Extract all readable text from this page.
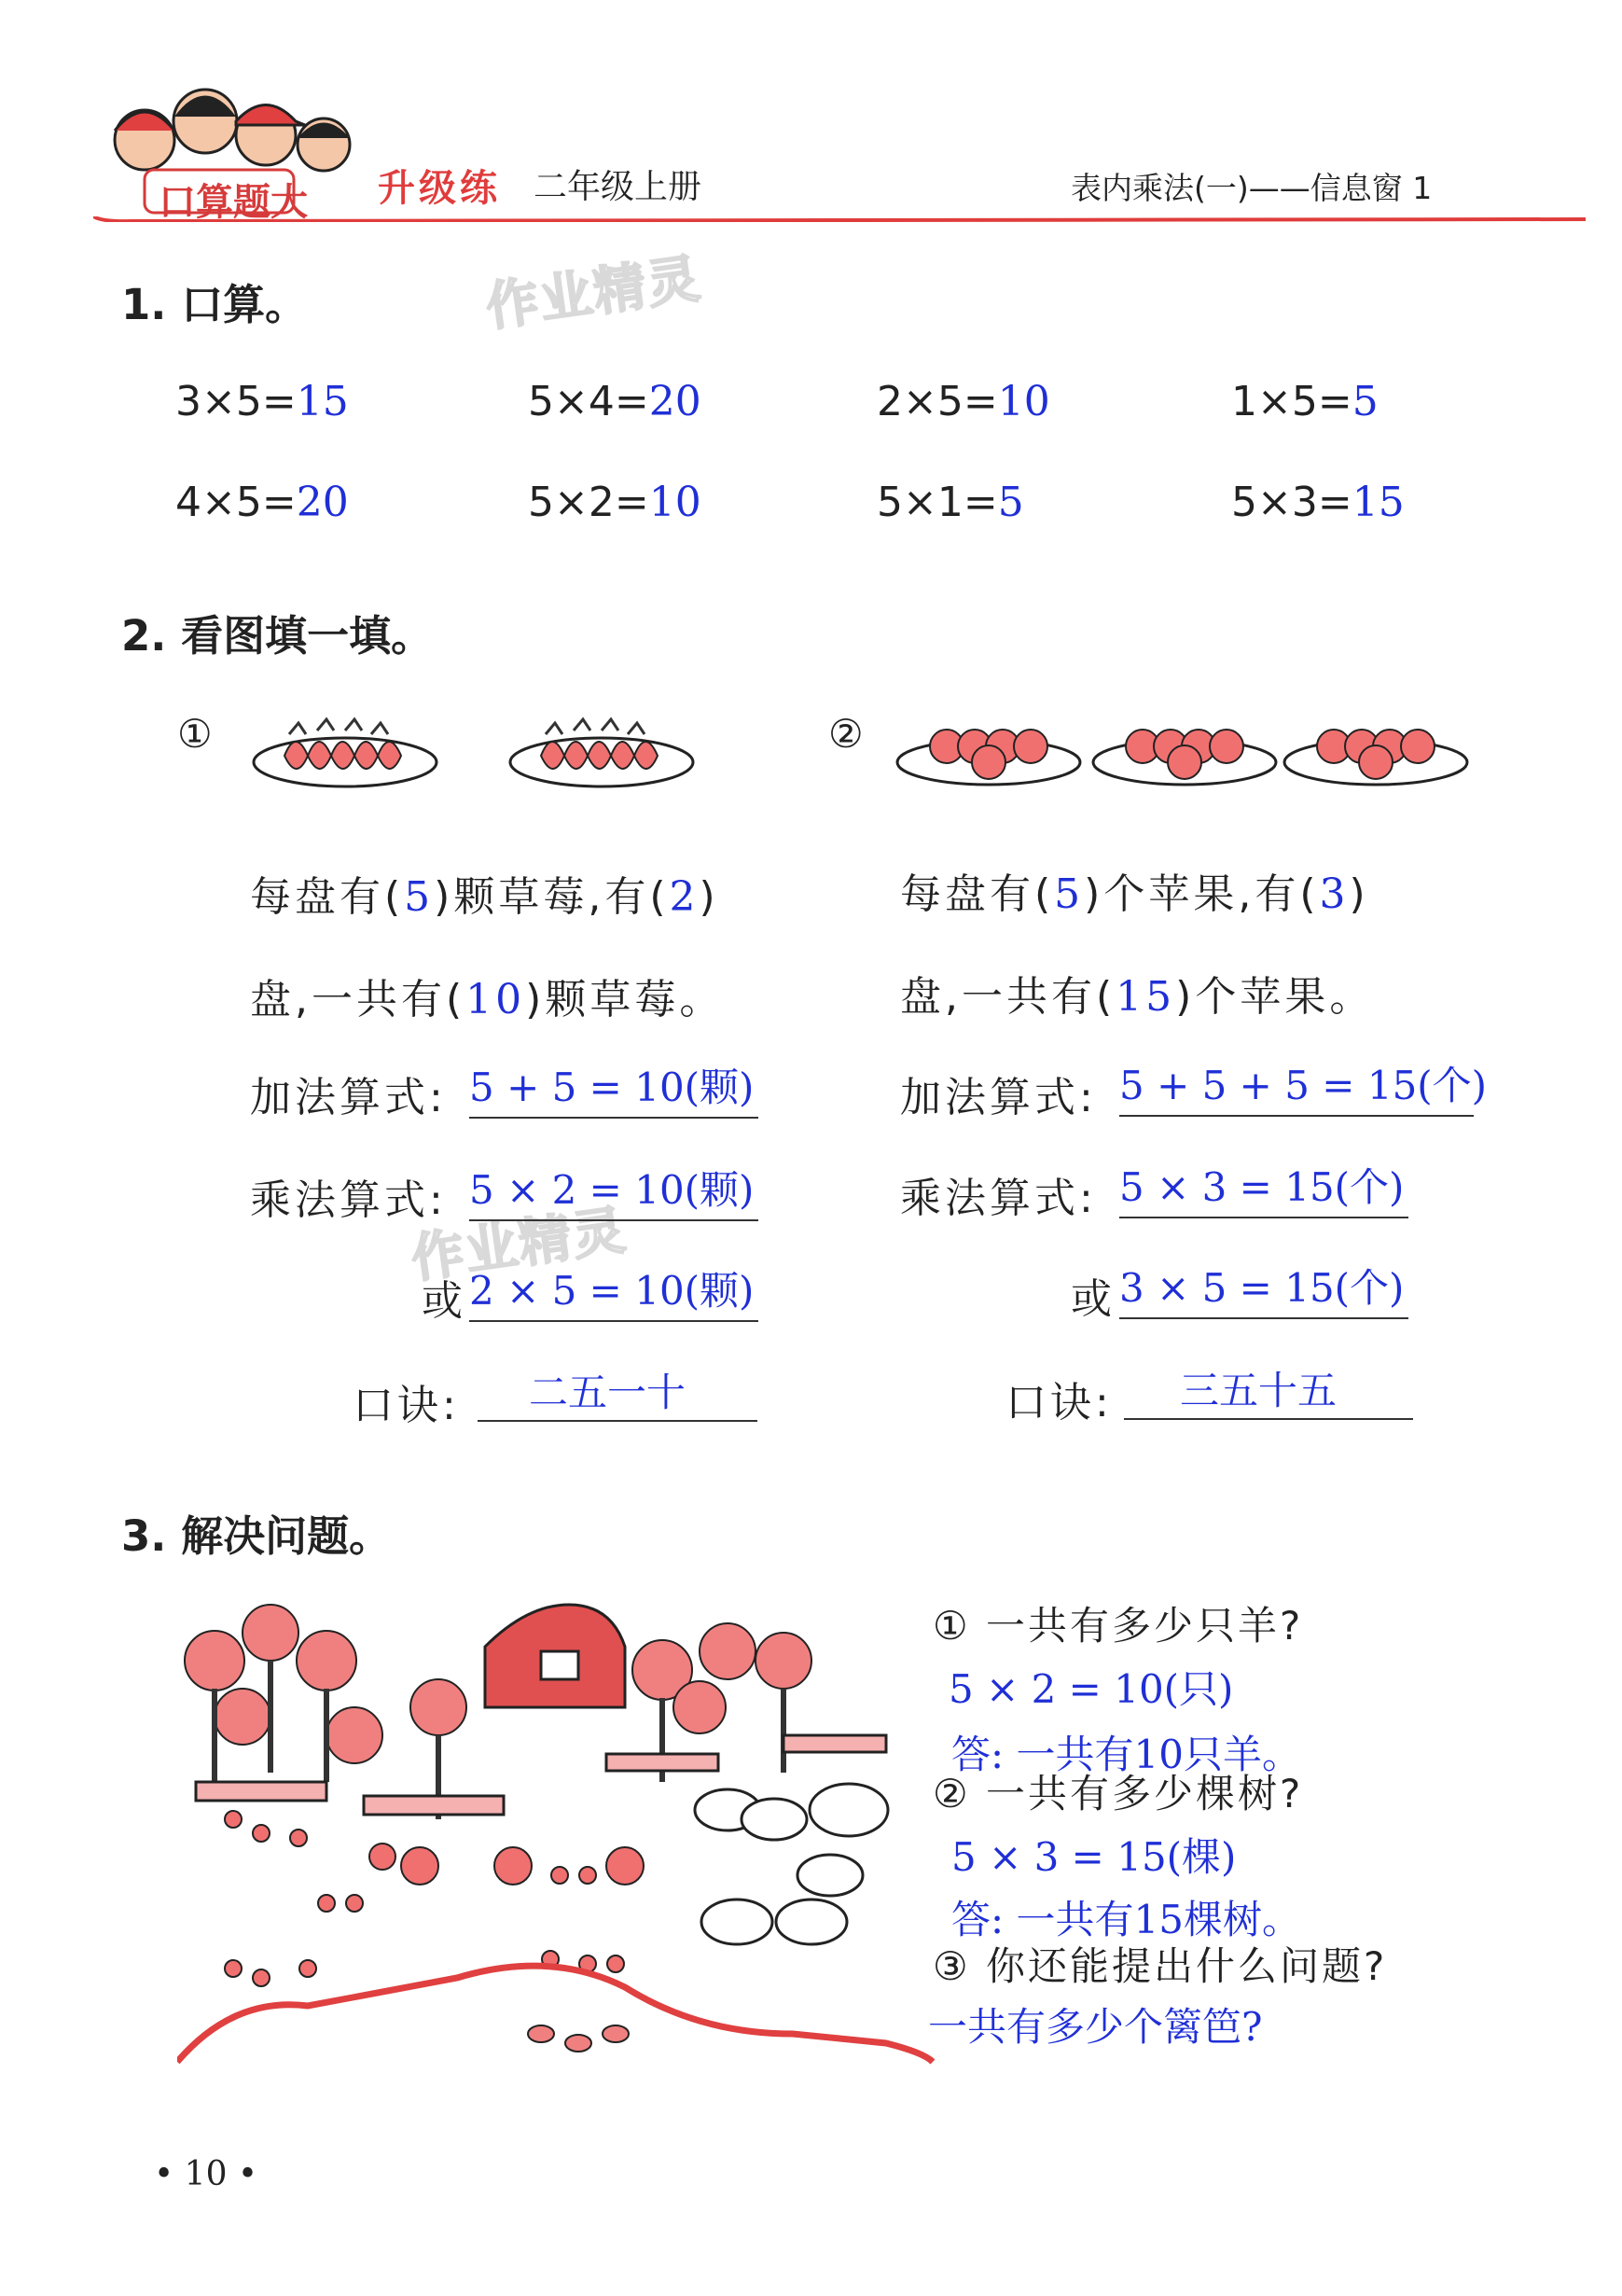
口算题大 升级练 二年级上册	表内乘法(一)——信息窗 1
作业精灵
作业精灵
1. 口算。
3×5=15	5×4=20	2×5=10	1×5=5
4×5=20	5×2=10	5×1=5	5×3=15
2. 看图填一填。
①	②
每盘有(5)颗草莓,有(2)
盘,一共有(10)颗草莓。
加法算式: 5 + 5 = 10(颗)
乘法算式: 5 × 2 = 10(颗)
或 2 × 5 = 10(颗)
口诀:	二五一十
每盘有(5)个苹果,有(3)
盘,一共有(15)个苹果。
加法算式: 5 + 5 + 5 = 15(个)
乘法算式: 5 × 3 = 15(个)
或 3 × 5 = 15(个)
口诀:	三五十五
3. 解决问题。
① 一共有多少只羊?
5 × 2 = 10(只)
答: 一共有10只羊。
② 一共有多少棵树?
5 × 3 = 15(棵)
答: 一共有15棵树。
③ 你还能提出什么问题?
一共有多少个篱笆?
• 10 •
